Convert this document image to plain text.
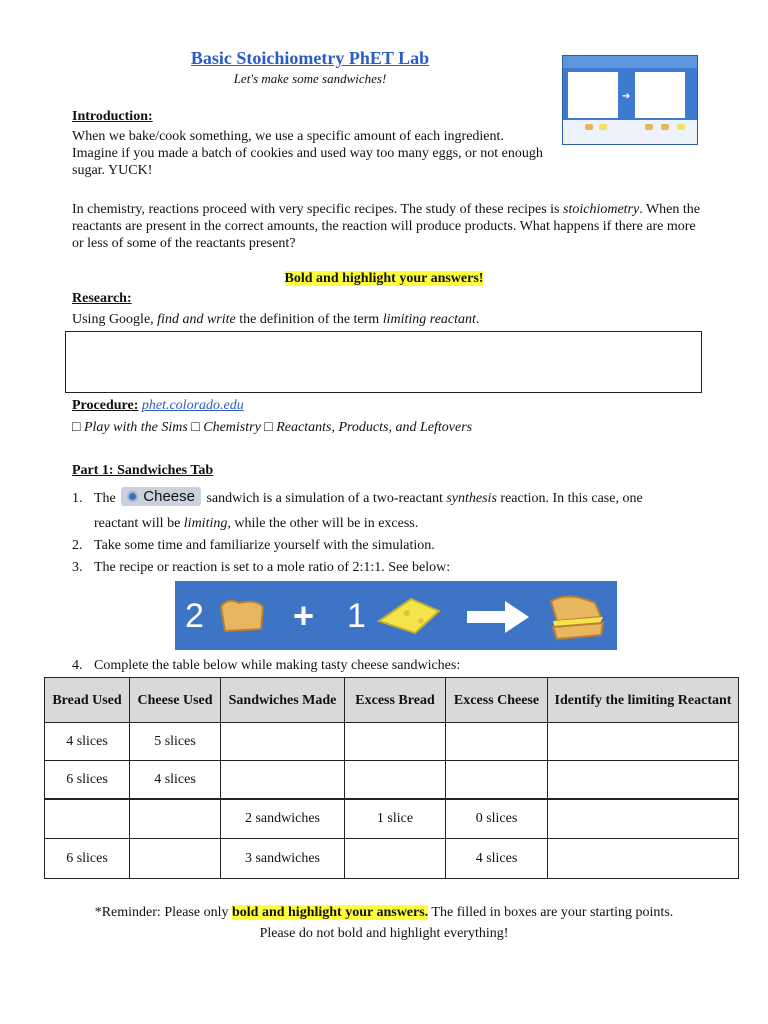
Basic Stoichiometry PhET Lab
Let's make some sandwiches!
➜
Introduction:
When we bake/cook something, we use a specific amount of each ingredient. Imagine if you made a batch of cookies and used way too many eggs, or not enough sugar. YUCK!
In chemistry, reactions proceed with very specific recipes. The study of these recipes is stoichiometry. When the reactants are present in the correct amounts, the reaction will produce products. What happens if there are more or less of some of the reactants present?
Bold and highlight your answers!
Research:
Using Google, find and write the definition of the term limiting reactant.
Procedure: phet.colorado.edu
□ Play with the Sims □ Chemistry □ Reactants, Products, and Leftovers
Part 1: Sandwiches Tab
1. The Cheese sandwich is a simulation of a two-reactant synthesis reaction. In this case, one
reactant will be limiting, while the other will be in excess.
2. Take some time and familiarize yourself with the simulation.
3. The recipe or reaction is set to a mole ratio of 2:1:1. See below:
2 + 1
4. Complete the table below while making tasty cheese sandwiches:
Bread Used	Cheese Used	Sandwiches Made	Excess Bread	Excess Cheese	Identify the limiting Reactant
4 slices	5 slices				
6 slices	4 slices				
		2 sandwiches	1 slice	0 slices	
6 slices		3 sandwiches		4 slices	
*Reminder: Please only bold and highlight your answers. The filled in boxes are your starting points.
Please do not bold and highlight everything!
